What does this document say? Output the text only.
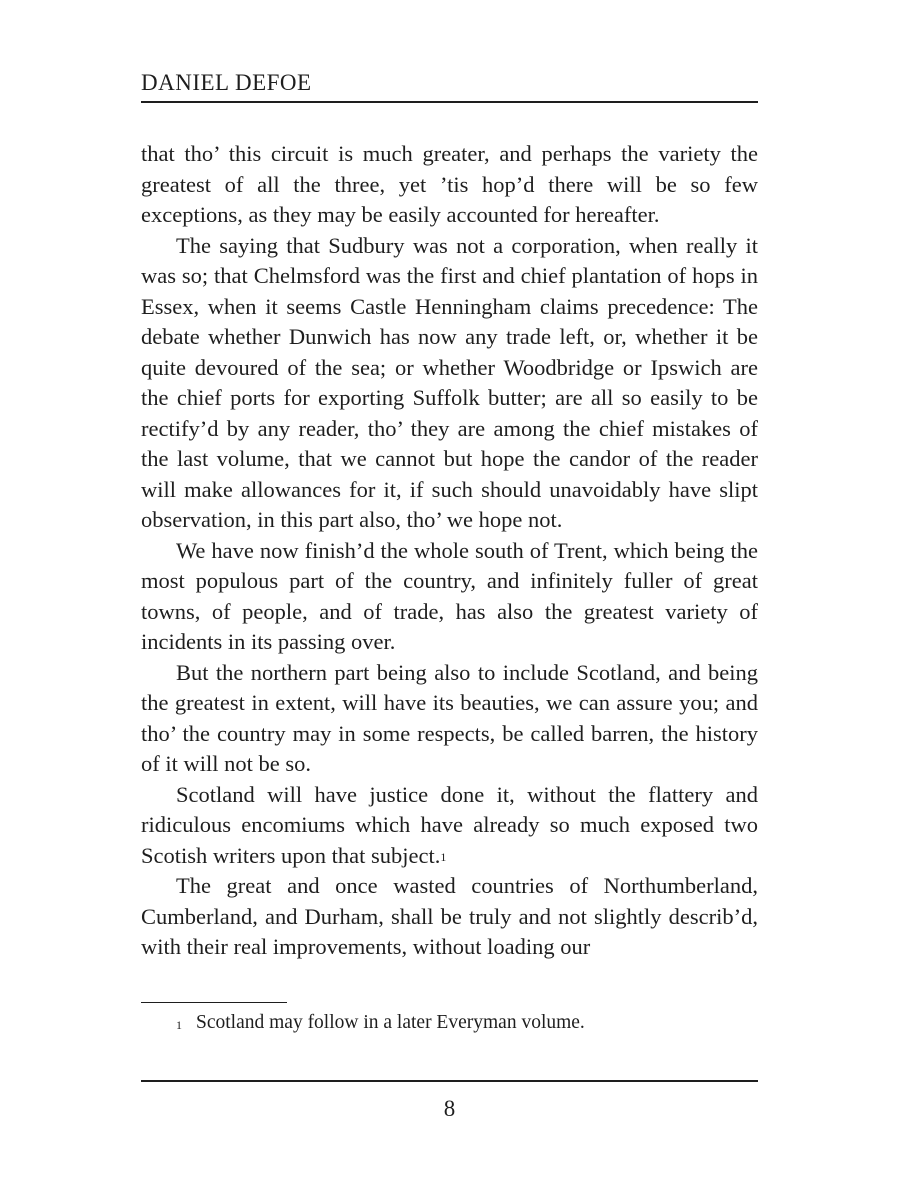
DANIEL DEFOE

that tho’ this circuit is much greater, and perhaps the variety the greatest of all the three, yet ’tis hop’d there will be so few exceptions, as they may be easily accounted for hereafter.

The saying that Sudbury was not a corporation, when really it was so; that Chelmsford was the first and chief plantation of hops in Essex, when it seems Castle Henningham claims precedence: The debate whether Dunwich has now any trade left, or, whether it be quite devoured of the sea; or whether Woodbridge or Ipswich are the chief ports for exporting Suffolk butter; are all so easily to be rectify’d by any reader, tho’ they are among the chief mistakes of the last volume, that we cannot but hope the candor of the reader will make allowances for it, if such should unavoidably have slipt observation, in this part also, tho’ we hope not.

We have now finish’d the whole south of Trent, which being the most populous part of the country, and infinitely fuller of great towns, of people, and of trade, has also the greatest variety of incidents in its passing over.

But the northern part being also to include Scotland, and being the greatest in extent, will have its beauties, we can assure you; and tho’ the country may in some respects, be called barren, the history of it will not be so.

Scotland will have justice done it, without the flattery and ridiculous encomiums which have already so much exposed two Scotish writers upon that subject.$^1$

The great and once wasted countries of Northumberland, Cumberland, and Durham, shall be truly and not slightly describ’d, with their real improvements, without loading our

1 Scotland may follow in a later Everyman volume.
8
